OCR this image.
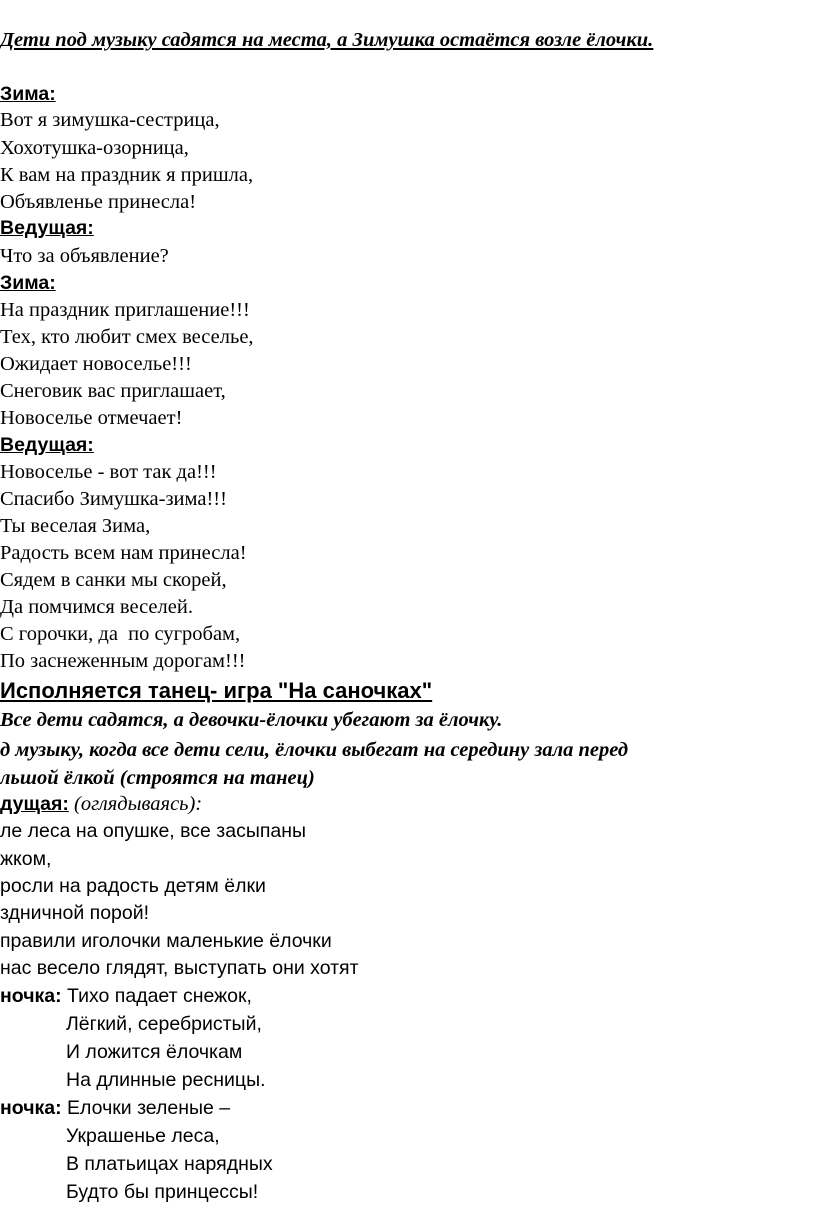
Дети под музыку садятся на места, а Зимушка остаётся возле ёлочки.
Зима:
Вот я зимушка-сестрица,
Хохотушка-озорница,
К вам на праздник я пришла,
Объявленье принесла!
Ведущая:
Что за объявление?
Зима:
На праздник приглашение!!!
Тех, кто любит смех веселье,
Ожидает новоселье!!!
Снеговик вас приглашает,
Новоселье отмечает!
Ведущая:
Новоселье - вот так да!!!
Спасибо Зимушка-зима!!!
Ты веселая Зима,
Радость всем нам принесла!
Сядем в санки мы скорей,
Да помчимся веселей.
С горочки, да  по сугробам,
По заснеженным дорогам!!!
Исполняется танец- игра "На саночках"
Все дети садятся, а девочки-ёлочки убегают за ёлочку.
д музыку, когда все дети сели, ёлочки выбегат на середину зала перед
льшой ёлкой (строятся на танец)
дущая: (оглядываясь):
ле леса на опушке, все засыпаны
жком,
росли на радость детям ёлки
здничной порой!
правили иголочки маленькие ёлочки
нас весело глядят, выступать они хотят
ночка: Тихо падает снежок,
Лёгкий, серебристый,
И ложится ёлочкам
На длинные ресницы.
ночка: Елочки зеленые –
Украшенье леса,
В платьицах нарядных
Будто бы принцессы!
